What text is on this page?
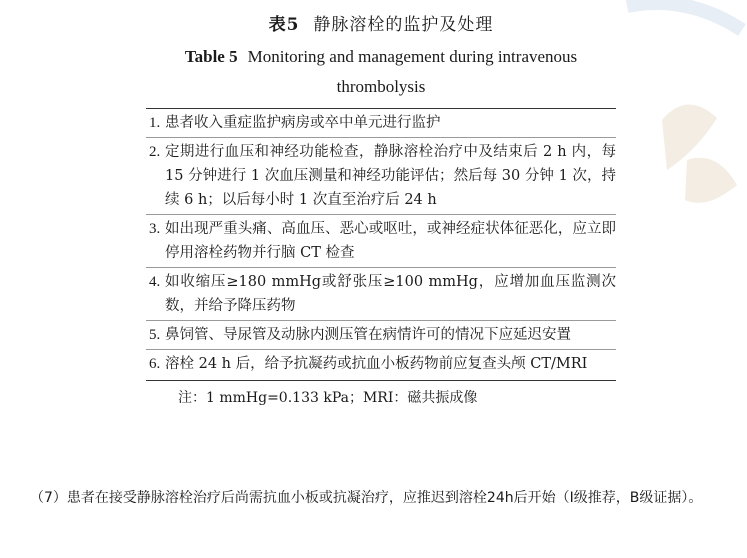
表5 静脉溶栓的监护及处理
Table 5 Monitoring and management during intravenous thrombolysis
1. 患者收入重症监护病房或卒中单元进行监护
2. 定期进行血压和神经功能检查，静脉溶栓治疗中及结束后 2 h 内，每 15 分钟进行 1 次血压测量和神经功能评估；然后每 30 分钟 1 次，持续 6 h；以后每小时 1 次直至治疗后 24 h
3. 如出现严重头痛、高血压、恶心或呕吐，或神经症状体征恶化，应立即停用溶栓药物并行脑 CT 检查
4. 如收缩压≥180 mmHg或舒张压≥100 mmHg，应增加血压监测次数，并给予降压药物
5. 鼻饲管、导尿管及动脉内测压管在病情许可的情况下应延迟安置
6. 溶栓 24 h 后，给予抗凝药或抗血小板药物前应复查头颅 CT/MRI
注：1 mmHg=0.133 kPa；MRI：磁共振成像
（7）患者在接受静脉溶栓治疗后尚需抗血小板或抗凝治疗，应推迟到溶栓24h后开始（Ⅰ级推荐，B级证据）。
